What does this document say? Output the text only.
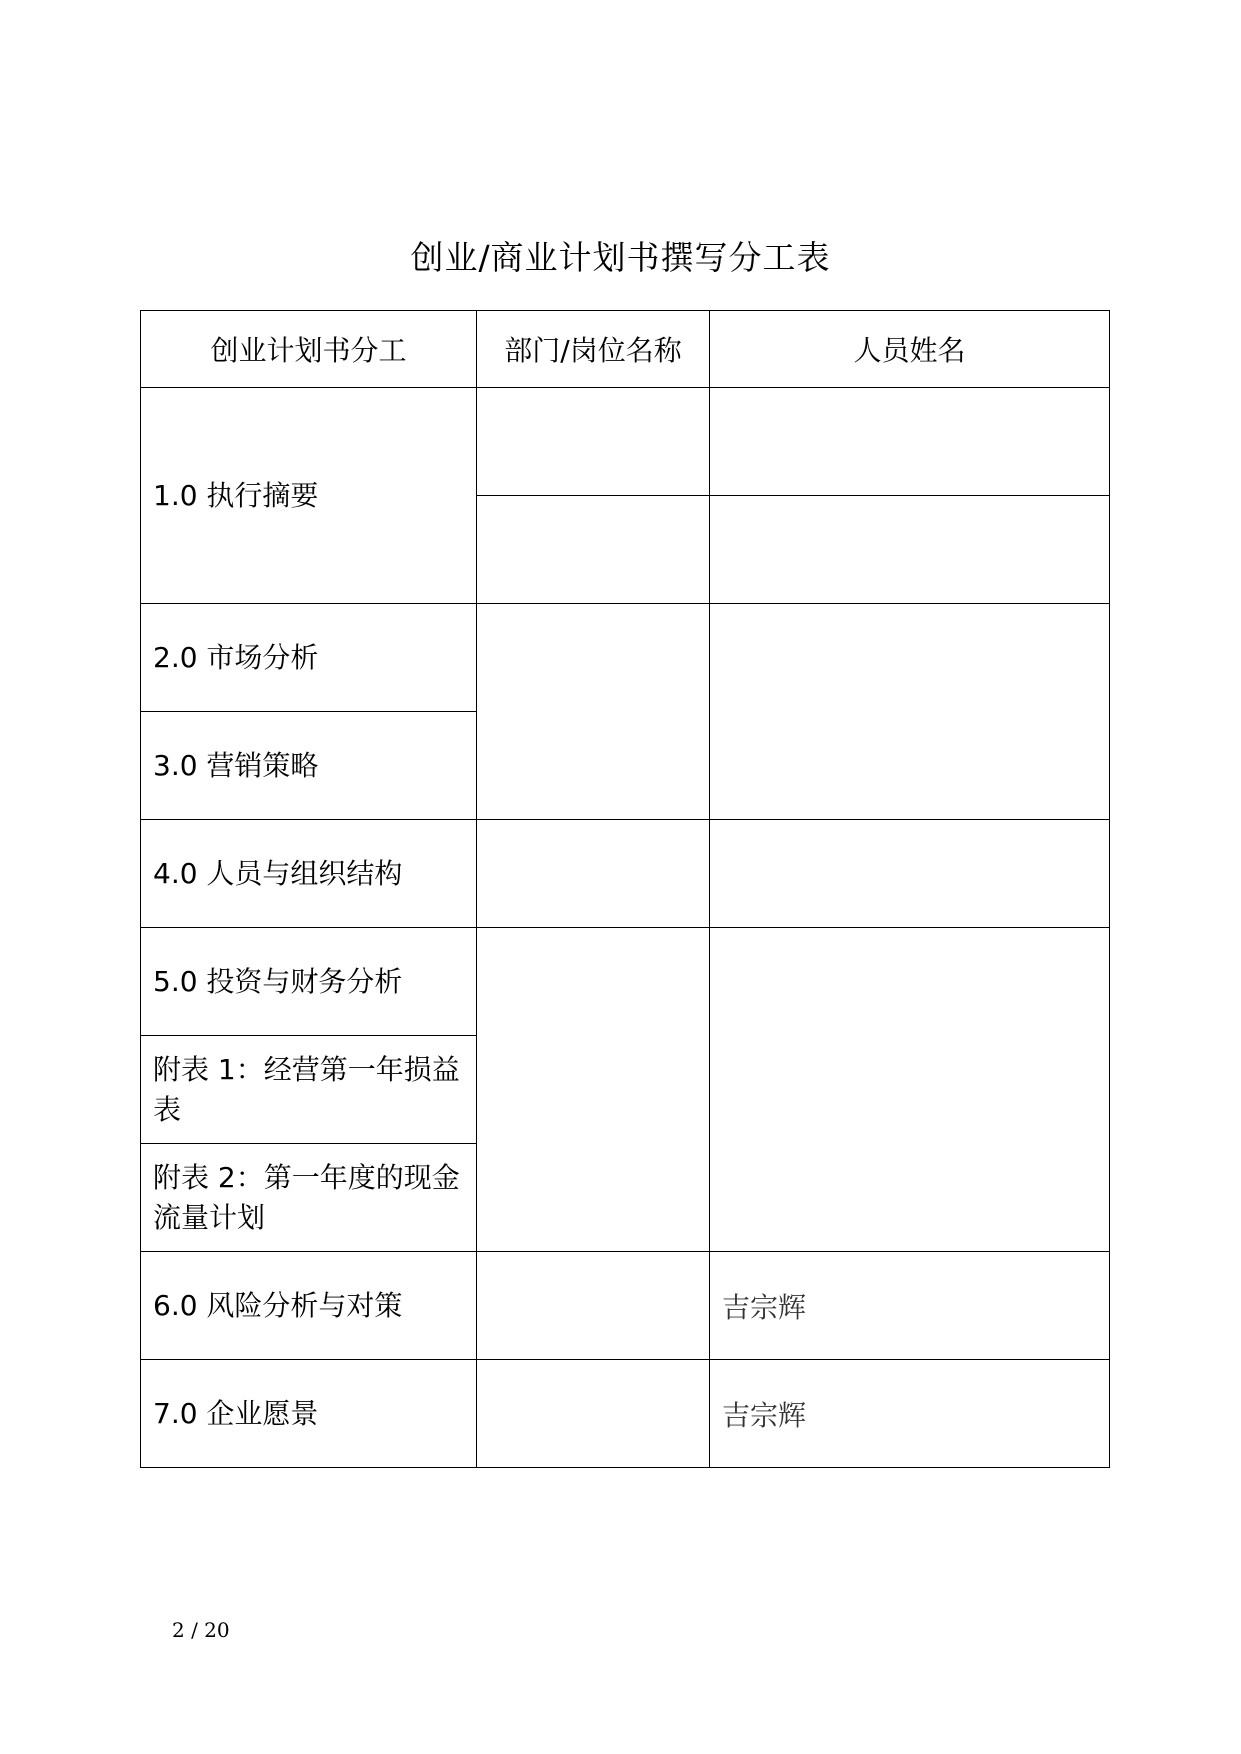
创业/商业计划书撰写分工表
创业计划书分工	部门/岗位名称	人员姓名
1.0 执行摘要		

2.0 市场分析		
3.0 营销策略		
4.0 人员与组织结构		
5.0 投资与财务分析		
附表 1：经营第一年损益表		
附表 2：第一年度的现金流量计划		
6.0 风险分析与对策		吉宗辉
7.0 企业愿景		吉宗辉
2 / 20
